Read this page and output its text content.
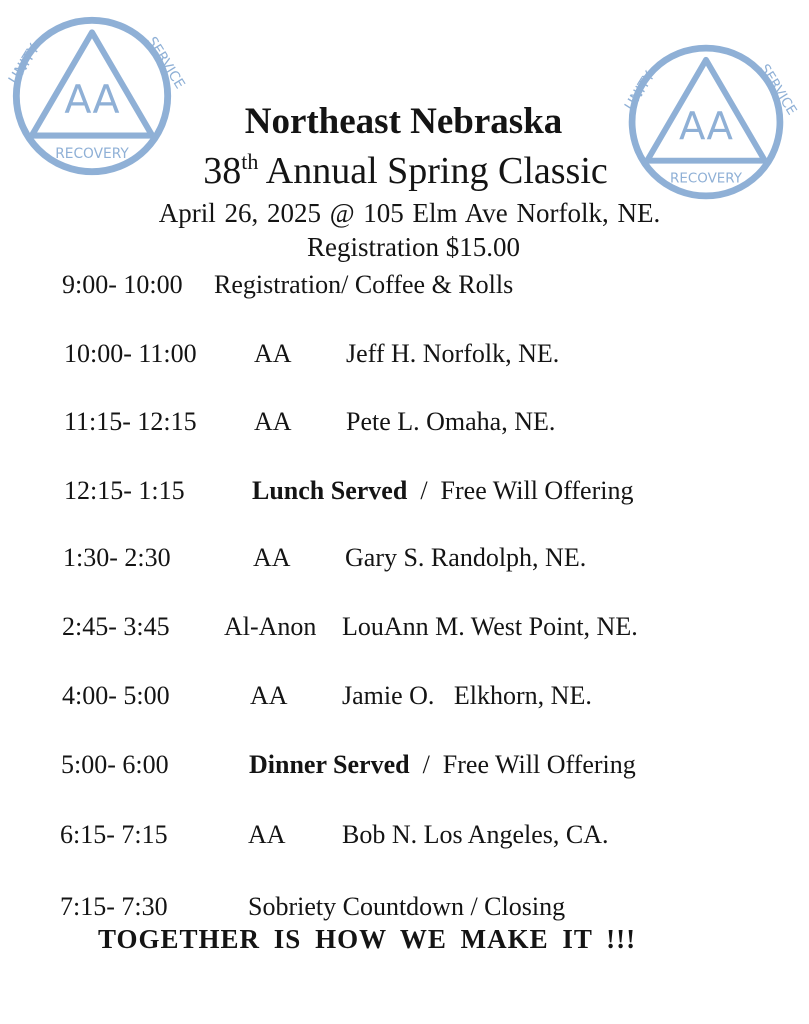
AA
UNITY	SERVICE
RECOVERY
AA
UNITY	SERVICE
RECOVERY
Northeast Nebraska
38th Annual Spring Classic
April 26, 2025 @ 105 Elm Ave Norfolk, NE.
Registration $15.00
9:00- 10:00 Registration/ Coffee & Rolls
10:00- 11:00 AA Jeff H. Norfolk, NE.
11:15- 12:15 AA Pete L. Omaha, NE.
12:15- 1:15	Lunch Served  /  Free Will Offering
1:30- 2:30	AA Gary S. Randolph, NE.
2:45- 3:45 Al-Anon LouAnn M. West Point, NE.
4:00- 5:00	AA Jamie O.   Elkhorn, NE.
5:00- 6:00	Dinner Served  /  Free Will Offering
6:15- 7:15	AA Bob N. Los Angeles, CA.
7:15- 7:30	Sobriety Countdown / Closing
TOGETHER IS HOW WE MAKE IT !!!
